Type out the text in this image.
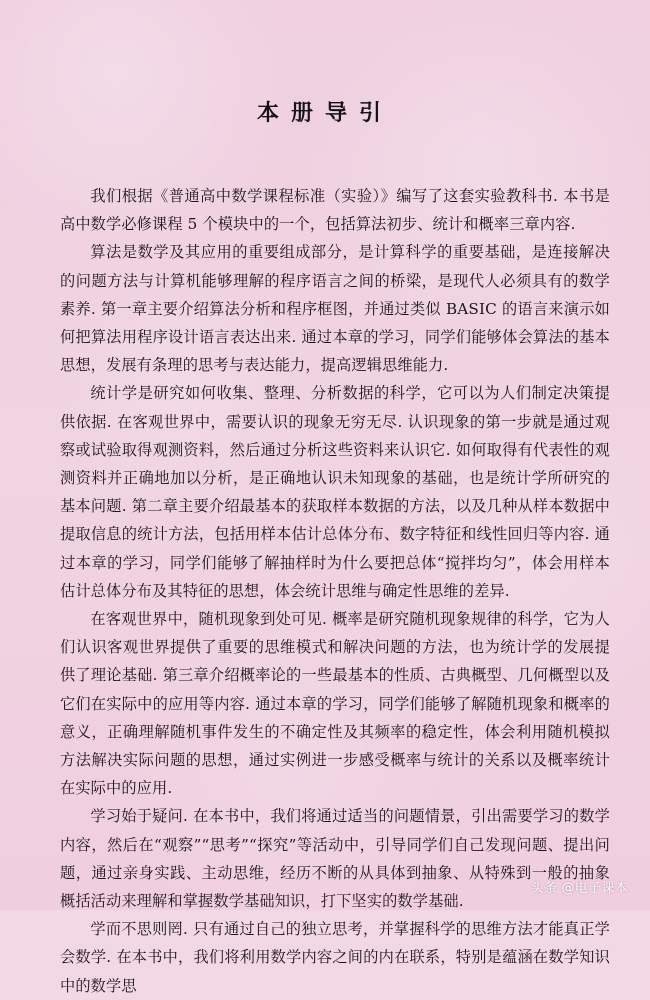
本册导引

我们根据《普通高中数学课程标准（实验）》编写了这套实验教科书. 本书是高中数学必修课程 5 个模块中的一个，包括算法初步、统计和概率三章内容.

算法是数学及其应用的重要组成部分，是计算科学的重要基础，是连接解决的问题方法与计算机能够理解的程序语言之间的桥梁，是现代人必须具有的数学素养. 第一章主要介绍算法分析和程序框图，并通过类似 BASIC 的语言来演示如何把算法用程序设计语言表达出来. 通过本章的学习，同学们能够体会算法的基本思想，发展有条理的思考与表达能力，提高逻辑思维能力.

统计学是研究如何收集、整理、分析数据的科学，它可以为人们制定决策提供依据. 在客观世界中，需要认识的现象无穷无尽. 认识现象的第一步就是通过观察或试验取得观测资料，然后通过分析这些资料来认识它. 如何取得有代表性的观测资料并正确地加以分析，是正确地认识未知现象的基础，也是统计学所研究的基本问题. 第二章主要介绍最基本的获取样本数据的方法，以及几种从样本数据中提取信息的统计方法，包括用样本估计总体分布、数字特征和线性回归等内容. 通过本章的学习，同学们能够了解抽样时为什么要把总体“搅拌均匀”，体会用样本估计总体分布及其特征的思想，体会统计思维与确定性思维的差异.

在客观世界中，随机现象到处可见. 概率是研究随机现象规律的科学，它为人们认识客观世界提供了重要的思维模式和解决问题的方法，也为统计学的发展提供了理论基础. 第三章介绍概率论的一些最基本的性质、古典概型、几何概型以及它们在实际中的应用等内容. 通过本章的学习，同学们能够了解随机现象和概率的意义，正确理解随机事件发生的不确定性及其频率的稳定性，体会利用随机模拟方法解决实际问题的思想，通过实例进一步感受概率与统计的关系以及概率统计在实际中的应用.

学习始于疑问. 在本书中，我们将通过适当的问题情景，引出需要学习的数学内容，然后在“观察”“思考”“探究”等活动中，引导同学们自己发现问题、提出问题，通过亲身实践、主动思维，经历不断的从具体到抽象、从特殊到一般的抽象概括活动来理解和掌握数学基础知识，打下坚实的数学基础.

学而不思则罔. 只有通过自己的独立思考，并掌握科学的思维方法才能真正学会数学. 在本书中，我们将利用数学内容之间的内在联系，特别是蕴涵在数学知识中的数学思

头条 @电子课本
